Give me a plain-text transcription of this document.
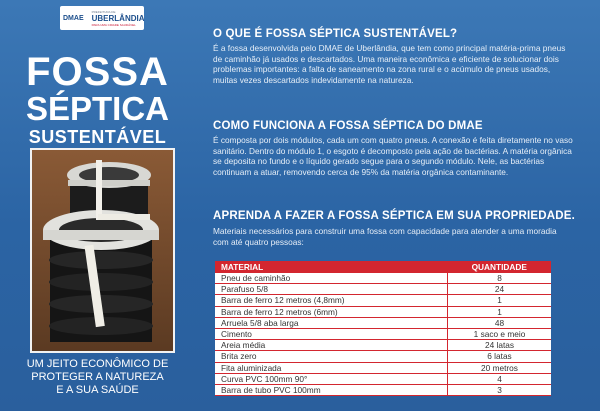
DMAE
PREFEITURA DE
UBERLÂNDIA
PARA UMA CIDADE SAUDÁVEL
FOSSA
SÉPTICA
SUSTENTÁVEL
UM JEITO ECONÔMICO DE
PROTEGER A NATUREZA
E A SUA SAÚDE
O QUE É FOSSA SÉPTICA SUSTENTÁVEL?
É a fossa desenvolvida pelo DMAE de Uberlândia, que tem como principal matéria-prima pneus de caminhão já usados e descartados. Uma maneira econômica e eficiente de solucionar dois problemas importantes: a falta de saneamento na zona rural e o acúmulo de pneus usados, muitas vezes descartados indevidamente na natureza.
COMO FUNCIONA A FOSSA SÉPTICA DO DMAE
É composta por dois módulos, cada um com quatro pneus. A conexão é feita diretamente no vaso sanitário. Dentro do módulo 1, o esgoto é decomposto pela ação de bactérias. A matéria orgânica se deposita no fundo e o líquido gerado segue para o segundo módulo. Nele, as bactérias continuam a atuar, removendo cerca de 95% da matéria orgânica contaminante.
APRENDA A FAZER A FOSSA SÉPTICA EM SUA PROPRIEDADE.
Materiais necessários para construir uma fossa com capacidade para atender a uma moradia com até quatro pessoas:
MATERIAL	QUANTIDADE
Pneu de caminhão	8
Parafuso 5/8	24
Barra de ferro 12 metros (4,8mm)	1
Barra de ferro 12 metros (6mm)	1
Arruela 5/8 aba larga	48
Cimento	1 saco e meio
Areia média	24 latas
Brita zero	6 latas
Fita aluminizada	20 metros
Curva PVC 100mm 90°	4
Barra de tubo PVC 100mm	3
